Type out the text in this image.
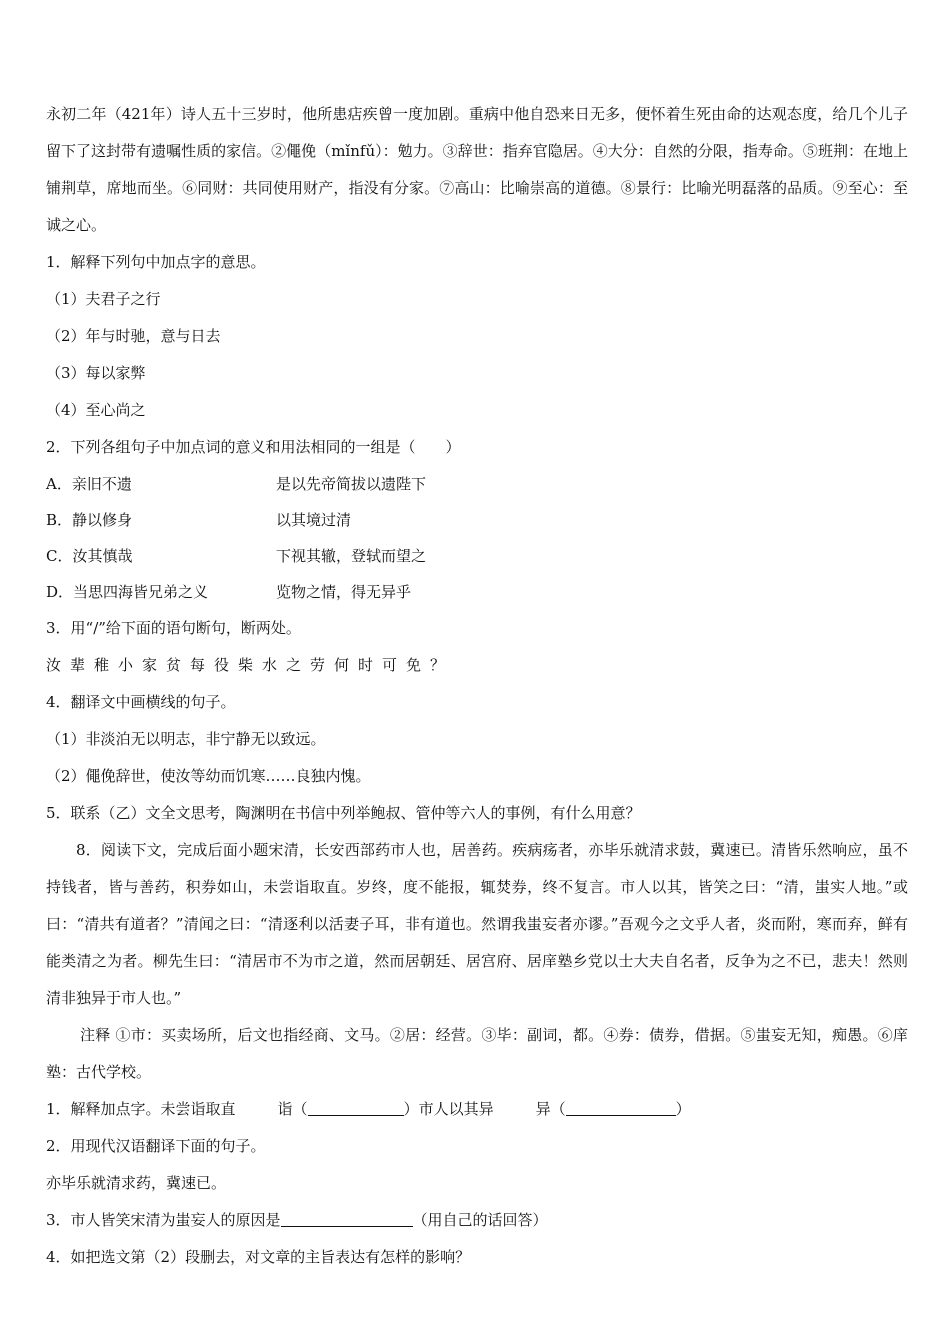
永初二年（421年）诗人五十三岁时，他所患痁疾曾一度加剧。重病中他自恐来日无多，便怀着生死由命的达观态度，给几个儿子留下了这封带有遗嘱性质的家信。②僶俛（mǐnfǔ）：勉力。③辞世：指弃官隐居。④大分：自然的分限，指寿命。⑤班荆：在地上铺荆草，席地而坐。⑥同财：共同使用财产，指没有分家。⑦高山：比喻崇高的道德。⑧景行：比喻光明磊落的品质。⑨至心：至诚之心。
1．解释下列句中加点字的意思。
（1）夫君子之行
（2）年与时驰，意与日去
（3）每以家弊
（4）至心尚之
2．下列各组句子中加点词的意义和用法相同的一组是（　　）
A．亲旧不遗	是以先帝简拔以遗陛下
B．静以修身	以其境过清
C．汝其慎哉	下视其辙，登轼而望之
D．当思四海皆兄弟之义	览物之情，得无异乎
3．用“/”给下面的语句断句，断两处。
汝辈稚小家贫每役柴水之劳何时可免？
4．翻译文中画横线的句子。
（1）非淡泊无以明志，非宁静无以致远。
（2）僶俛辞世，使汝等幼而饥寒……良独内愧。
5．联系（乙）文全文思考，陶渊明在书信中列举鲍叔、管仲等六人的事例，有什么用意？
8．阅读下文，完成后面小题宋清，长安西部药市人也，居善药。疾病疡者，亦毕乐就清求鼓，冀速已。清皆乐然响应，虽不持钱者，皆与善药，积券如山，未尝诣取直。岁终，度不能报，辄焚券，终不复言。市人以其，皆笑之曰：“清，蚩实人地。”或曰：“清共有道者？”清闻之曰：“清逐利以活妻子耳，非有道也。然谓我蚩妄者亦谬。”吾观今之文乎人者，炎而附，寒而弃，鲜有能类清之为者。柳先生曰：“清居市不为市之道，然而居朝廷、居宫府、居庠塾乡党以士大夫自名者，反争为之不已，悲夫！然则清非独异于市人也。”
注释 ①市：买卖场所，后文也指经商、文马。②居：经营。③毕：副词，都。④券：债券，借据。⑤蚩妄无知，痴愚。⑥庠塾：古代学校。
1．解释加点字。未尝诣取直	诣（	）市人以其异	异（	）
2．用现代汉语翻译下面的句子。
亦毕乐就清求药，冀速已。
3．市人皆笑宋清为蚩妄人的原因是	（用自己的话回答）
4．如把选文第（2）段删去，对文章的主旨表达有怎样的影响？
